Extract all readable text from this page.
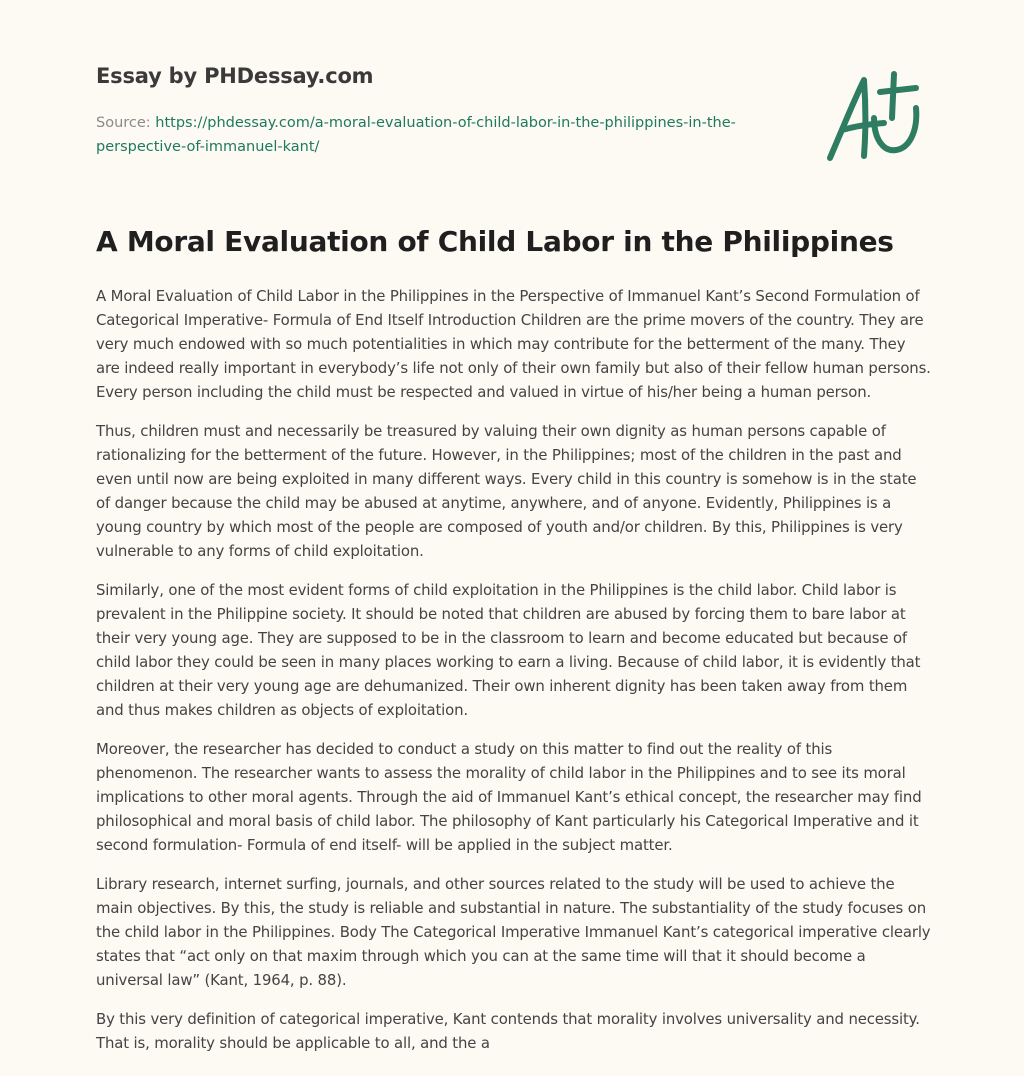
Essay by PHDessay.com
Source: https://phdessay.com/a-moral-evaluation-of-child-labor-in-the-philippines-in-the-perspective-of-immanuel-kant/
A Moral Evaluation of Child Labor in the Philippines

A Moral Evaluation of Child Labor in the Philippines in the Perspective of Immanuel Kant’s Second Formulation of Categorical Imperative- Formula of End Itself Introduction Children are the prime movers of the country. They are very much endowed with so much potentialities in which may contribute for the betterment of the many. They are indeed really important in everybody’s life not only of their own family but also of their fellow human persons. Every person including the child must be respected and valued in virtue of his/her being a human person.

Thus, children must and necessarily be treasured by valuing their own dignity as human persons capable of rationalizing for the betterment of the future. However, in the Philippines; most of the children in the past and even until now are being exploited in many different ways. Every child in this country is somehow is in the state of danger because the child may be abused at anytime, anywhere, and of anyone. Evidently, Philippines is a young country by which most of the people are composed of youth and/or children. By this, Philippines is very vulnerable to any forms of child exploitation.

Similarly, one of the most evident forms of child exploitation in the Philippines is the child labor. Child labor is prevalent in the Philippine society. It should be noted that children are abused by forcing them to bare labor at their very young age. They are supposed to be in the classroom to learn and become educated but because of child labor they could be seen in many places working to earn a living. Because of child labor, it is evidently that children at their very young age are dehumanized. Their own inherent dignity has been taken away from them and thus makes children as objects of exploitation.

Moreover, the researcher has decided to conduct a study on this matter to find out the reality of this phenomenon. The researcher wants to assess the morality of child labor in the Philippines and to see its moral implications to other moral agents. Through the aid of Immanuel Kant’s ethical concept, the researcher may find philosophical and moral basis of child labor. The philosophy of Kant particularly his Categorical Imperative and it second formulation- Formula of end itself- will be applied in the subject matter.

Library research, internet surfing, journals, and other sources related to the study will be used to achieve the main objectives. By this, the study is reliable and substantial in nature. The substantiality of the study focuses on the child labor in the Philippines. Body The Categorical Imperative Immanuel Kant’s categorical imperative clearly states that “act only on that maxim through which you can at the same time will that it should become a universal law” (Kant, 1964, p. 88).

By this very definition of categorical imperative, Kant contends that morality involves universality and necessity. That is, morality should be applicable to all, and the a
